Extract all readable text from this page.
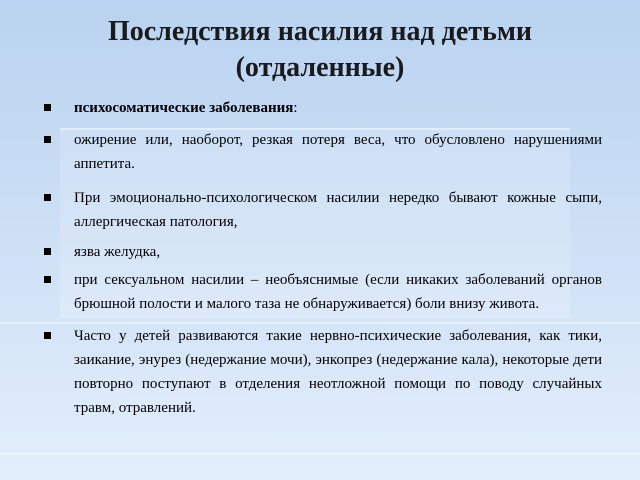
Последствия насилия над детьми
(отдаленные)
психосоматические заболевания:
ожирение или, наоборот, резкая потеря веса, что обусловлено нарушениями аппетита.
При эмоционально-психологическом насилии нередко бывают кожные сыпи, аллергическая патология,
язва желудка,
при сексуальном насилии – необъяснимые (если никаких заболеваний органов брюшной полости и малого таза не обнаруживается) боли внизу живота.
Часто у детей развиваются такие нервно-психические заболевания, как тики, заикание, энурез (недержание мочи), энкопрез (недержание кала), некоторые дети повторно поступают в отделения неотложной помощи по поводу случайных травм, отравлений.
